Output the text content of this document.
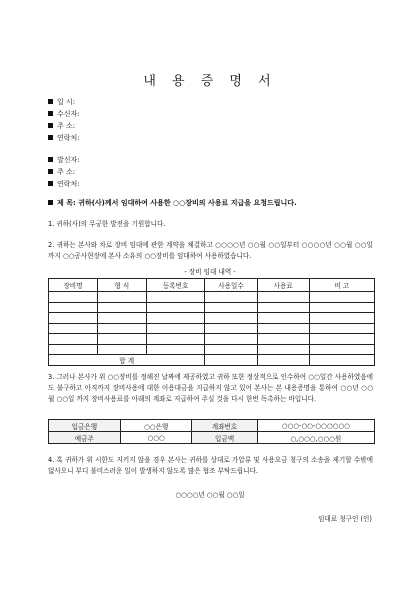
내 용 증 명 서
일 시:
수신자:
주 소:
연락처:
발신자:
주 소:
연락처:
제 목: 귀하(사)께서 임대하여 사용한 ○○장비의 사용료 지급을 요청드립니다.
1. 귀하(사)의 무궁한 발전을 기원합니다.
2. 귀하는 본사와 차로 장비 임대에 관한 계약을 체결하고 ○○○○년 ○○월 ○○일부터 ○○○○년 ○○월 ○○일까지 ○○공사현장에 본사 소유의 ○○장비를 임대하여 사용하였습니다.
- 장비 임대 내역 -
장비명	형 식	등록번호	사용일수	사용료	비 고

합 계					
3. 그러나 본사가 위 ○○장비를 정해진 날짜에 제공하였고 귀하 또한 정상적으로 인수하여 ○○일간 사용하였음에도 불구하고 아직까지 장비사용에 대한 이용대금을 지급하지 않고 있어 본사는 본 내용증명을 통하여 ○○년 ○○월 ○○일 까지 장비사용료를 아래의 계좌로 지급하여 주실 것을 다시 한번 독촉하는 바입니다.
입금은행	○○은행	계좌번호	○○○-○○-○○○○○○
예금주	○○○	입금액	○,○○○,○○○원
4. 혹 귀하가 위 시한도 지키지 않을 경우 본사는 귀하를 상대로 가압류 및 사용요금 청구의 소송을 제기할 수밖에 없사오니 부디 불미스러운 일이 발생하지 않도록 많은 협조 부탁드립니다.
○○○○년 ○○월 ○○일
임대료 청구인 (인)
